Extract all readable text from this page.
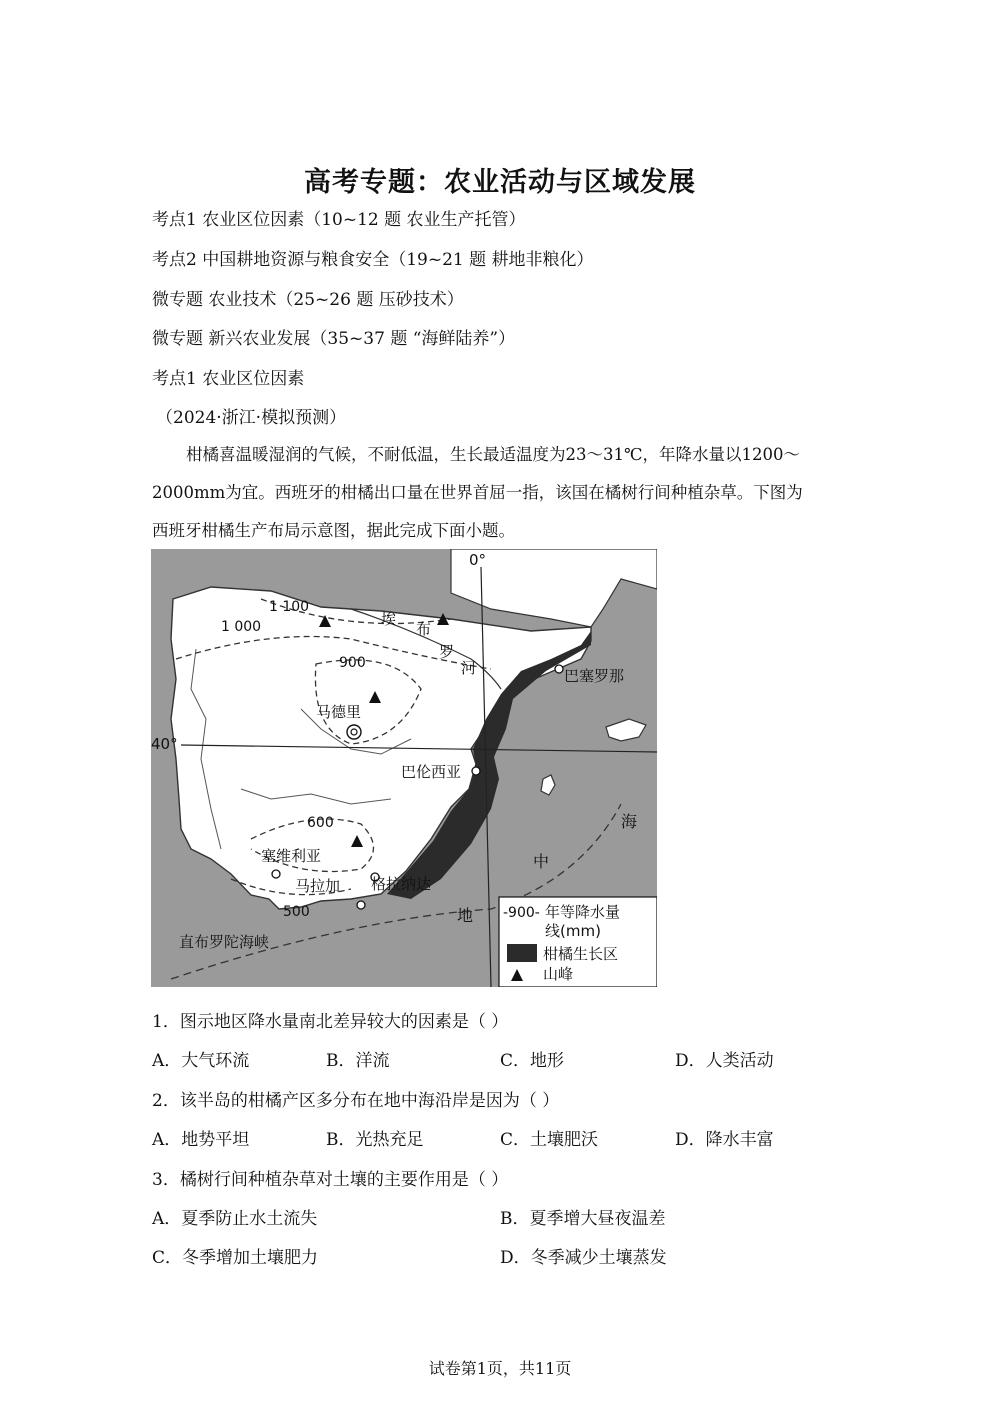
高考专题：农业活动与区域发展
考点1 农业区位因素（10~12 题 农业生产托管）
考点2 中国耕地资源与粮食安全（19~21 题 耕地非粮化）
微专题 农业技术（25~26 题 压砂技术）
微专题 新兴农业发展（35~37 题 “海鲜陆养”）
考点1 农业区位因素
（2024·浙江·模拟预测）

柑橘喜温暖湿润的气候，不耐低温，生长最适温度为23～31℃，年降水量以1200～

2000mm为宜。西班牙的柑橘出口量在世界首屈一指，该国在橘树行间种植杂草。下图为

西班牙柑橘生产布局示意图，据此完成下面小题。

0°
40°
1 100
1 000
900
600
500
埃
布
罗
河
海
中
地
巴塞罗那
马德里
巴伦西亚
塞维利亚
马拉加 格拉纳达
直布罗陀海峡
-900- 年等降水量
线(mm)
柑橘生长区
山峰
1．图示地区降水量南北差异较大的因素是（ ）
A．大气环流	B．洋流	C．地形	D．人类活动
2．该半岛的柑橘产区多分布在地中海沿岸是因为（ ）
A．地势平坦	B．光热充足	C．土壤肥沃	D．降水丰富
3．橘树行间种植杂草对土壤的主要作用是（ ）
A．夏季防止水土流失	B．夏季增大昼夜温差
C．冬季增加土壤肥力	D．冬季减少土壤蒸发
试卷第1页，共11页
